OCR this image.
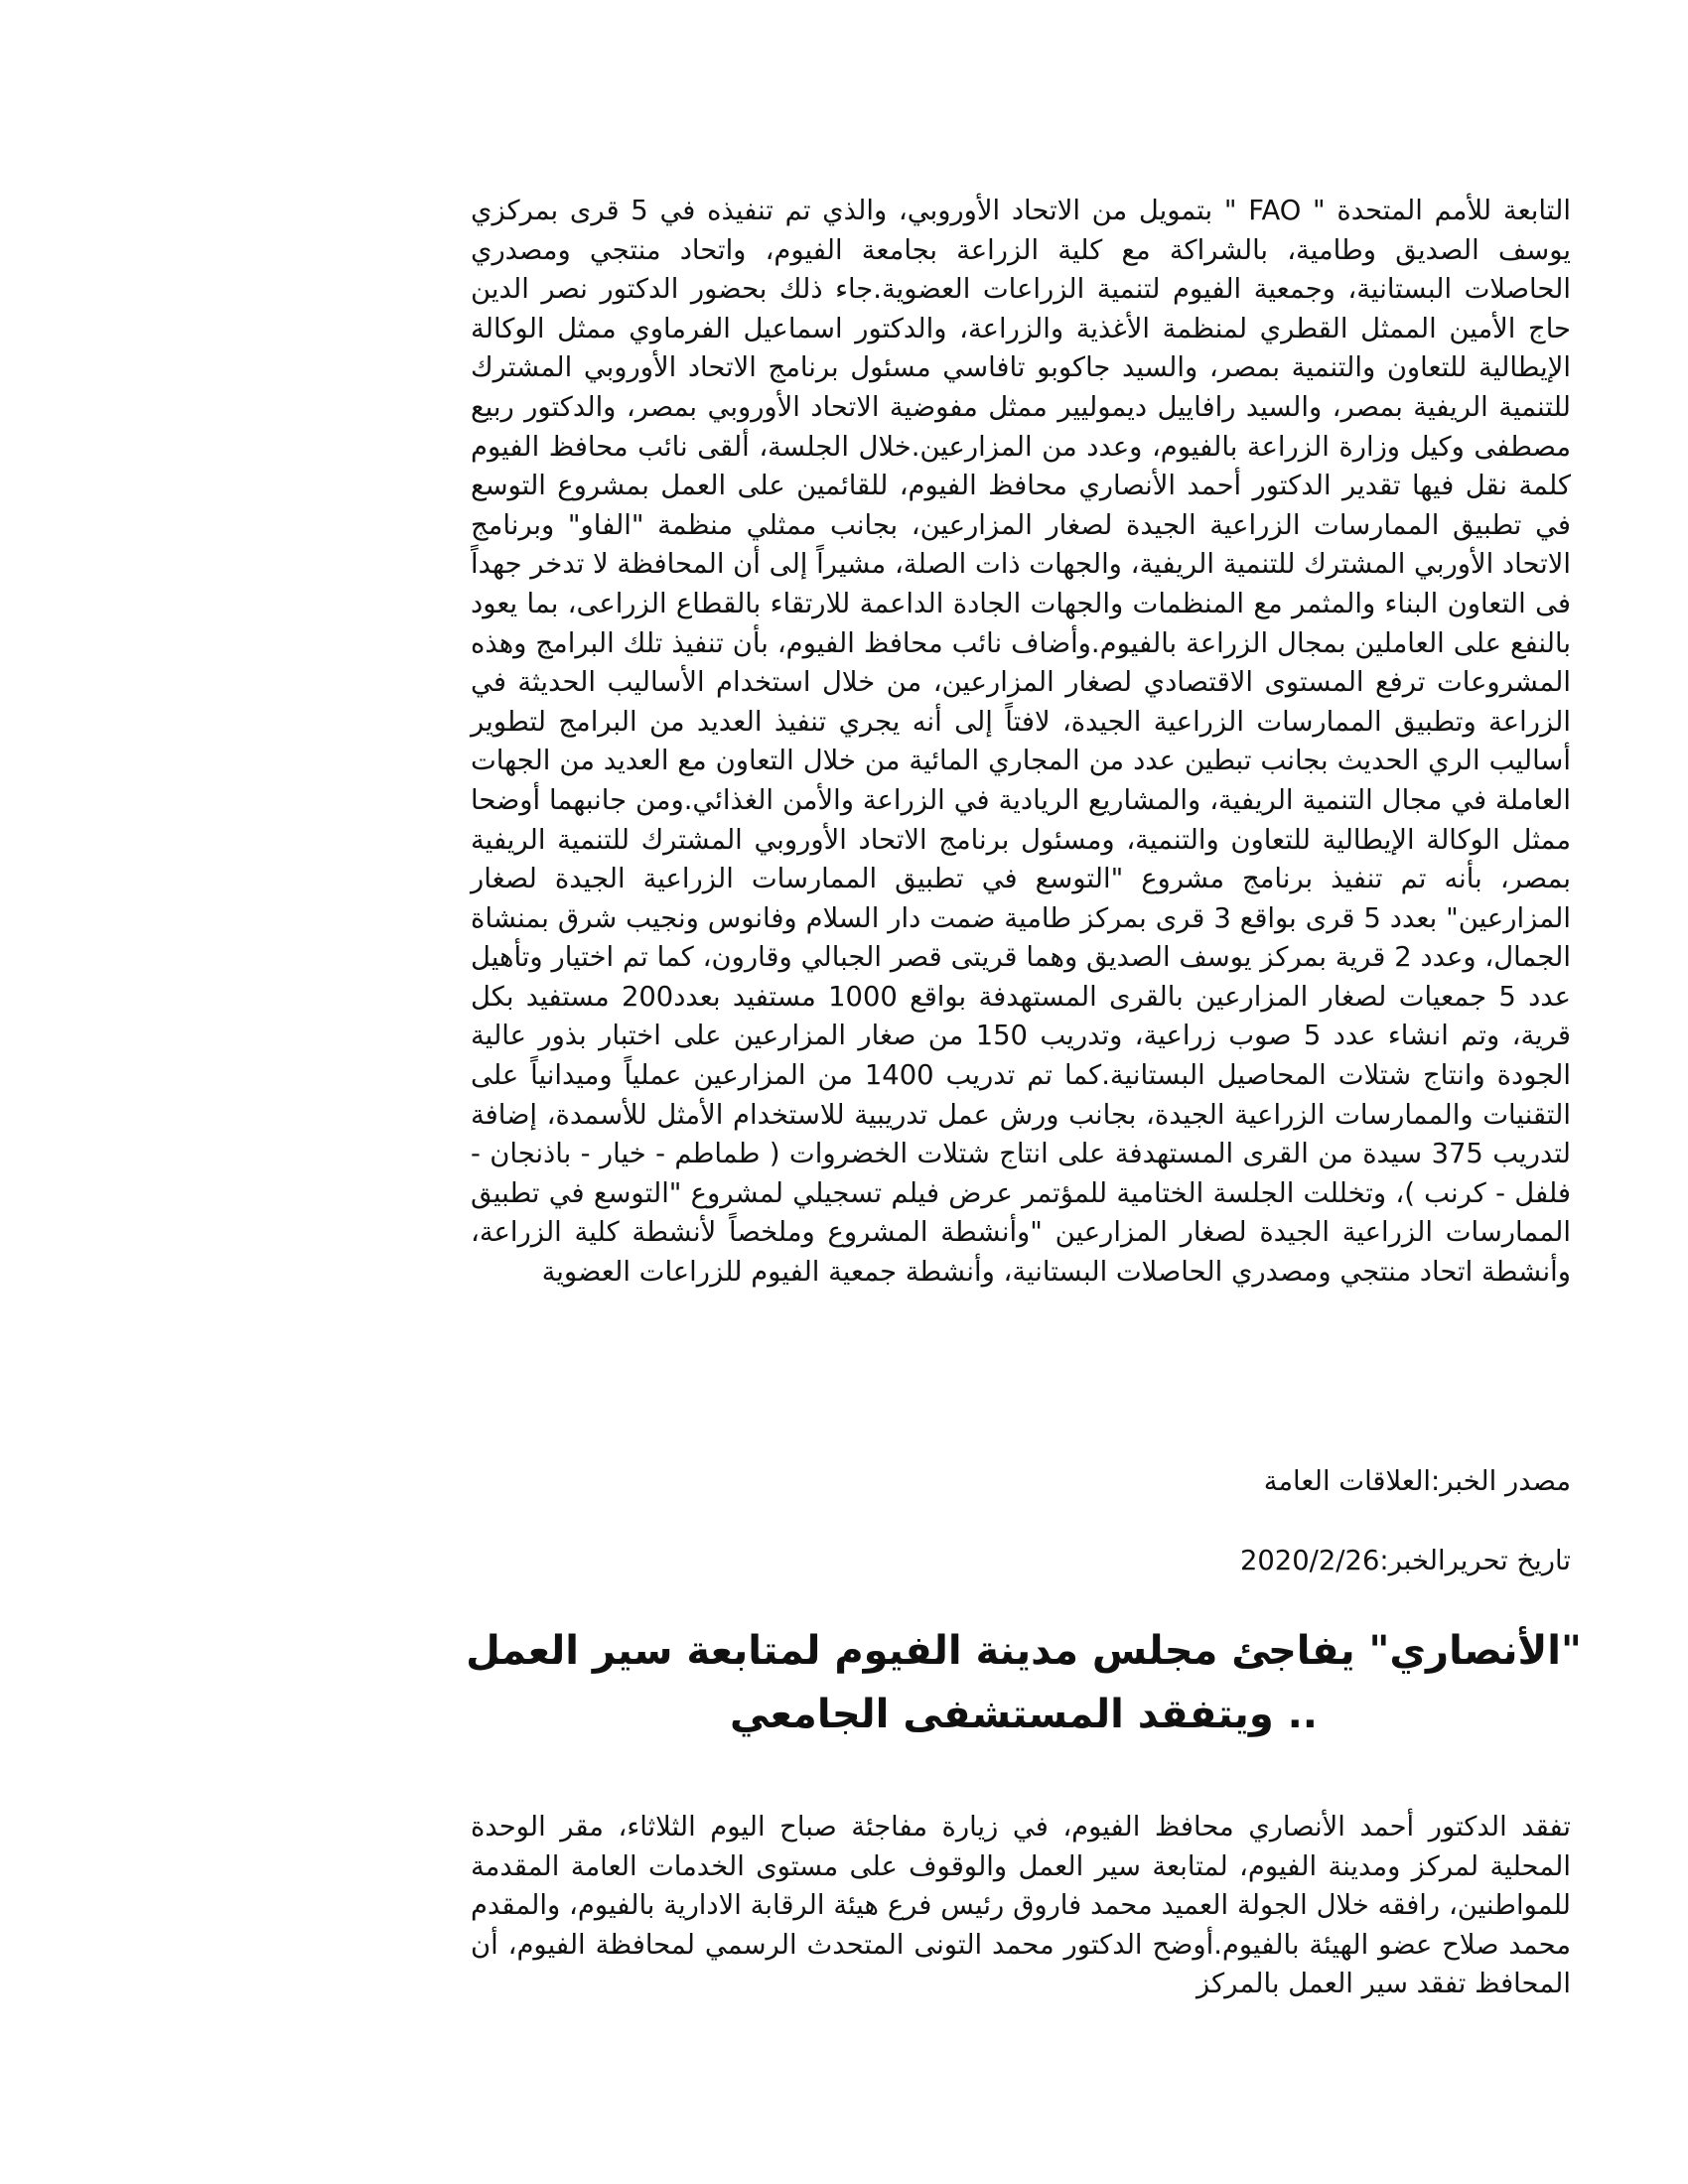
التابعة للأمم المتحدة " FAO " بتمويل من الاتحاد الأوروبي، والذي تم تنفيذه في 5 قرى بمركزي يوسف الصديق وطامية، بالشراكة مع كلية الزراعة بجامعة الفيوم، واتحاد منتجي ومصدري الحاصلات البستانية، وجمعية الفيوم لتنمية الزراعات العضوية.جاء ذلك بحضور الدكتور نصر الدين حاج الأمين الممثل القطري لمنظمة الأغذية والزراعة، والدكتور اسماعيل الفرماوي ممثل الوكالة الإيطالية للتعاون والتنمية بمصر، والسيد جاكوبو تافاسي مسئول برنامج الاتحاد الأوروبي المشترك للتنمية الريفية بمصر، والسيد رافاييل ديموليير ممثل مفوضية الاتحاد الأوروبي بمصر، والدكتور ربيع مصطفى وكيل وزارة الزراعة بالفيوم، وعدد من المزارعين.خلال الجلسة، ألقى نائب محافظ الفيوم كلمة نقل فيها تقدير الدكتور أحمد الأنصاري محافظ الفيوم، للقائمين على العمل بمشروع التوسع في تطبيق الممارسات الزراعية الجيدة لصغار المزارعين، بجانب ممثلي منظمة "الفاو" وبرنامج الاتحاد الأوربي المشترك للتنمية الريفية، والجهات ذات الصلة، مشيراً إلى أن المحافظة لا تدخر جهداً فى التعاون البناء والمثمر مع المنظمات والجهات الجادة الداعمة للارتقاء بالقطاع الزراعى، بما يعود بالنفع على العاملين بمجال الزراعة بالفيوم.وأضاف نائب محافظ الفيوم، بأن تنفيذ تلك البرامج وهذه المشروعات ترفع المستوى الاقتصادي لصغار المزارعين، من خلال استخدام الأساليب الحديثة في الزراعة وتطبيق الممارسات الزراعية الجيدة، لافتاً إلى أنه يجري تنفيذ العديد من البرامج لتطوير أساليب الري الحديث بجانب تبطين عدد من المجاري المائية من خلال التعاون مع العديد من الجهات العاملة في مجال التنمية الريفية، والمشاريع الريادية في الزراعة والأمن الغذائي.ومن جانبهما أوضحا ممثل الوكالة الإيطالية للتعاون والتنمية، ومسئول برنامج الاتحاد الأوروبي المشترك للتنمية الريفية بمصر، بأنه تم تنفيذ برنامج مشروع "التوسع في تطبيق الممارسات الزراعية الجيدة لصغار المزارعين" بعدد 5 قرى بواقع 3 قرى بمركز طامية ضمت دار السلام وفانوس ونجيب شرق بمنشاة الجمال، وعدد 2 قرية بمركز يوسف الصديق وهما قريتى قصر الجبالي وقارون، كما تم اختيار وتأهيل عدد 5 جمعيات لصغار المزارعين بالقرى المستهدفة بواقع 1000 مستفيد بعدد200 مستفيد بكل قرية، وتم انشاء عدد 5 صوب زراعية، وتدريب 150 من صغار المزارعين على اختبار بذور عالية الجودة وانتاج شتلات المحاصيل البستانية.كما تم تدريب 1400 من المزارعين عملياً وميدانياً على التقنيات والممارسات الزراعية الجيدة، بجانب ورش عمل تدريبية للاستخدام الأمثل للأسمدة، إضافة لتدريب 375 سيدة من القرى المستهدفة على انتاج شتلات الخضروات ( طماطم - خيار - باذنجان - فلفل - كرنب )، وتخللت الجلسة الختامية للمؤتمر عرض فيلم تسجيلي لمشروع "التوسع في تطبيق الممارسات الزراعية الجيدة لصغار المزارعين "وأنشطة المشروع وملخصاً لأنشطة كلية الزراعة، وأنشطة اتحاد منتجي ومصدري الحاصلات البستانية، وأنشطة جمعية الفيوم للزراعات العضوية

مصدر الخبر:العلاقات العامة

تاريخ تحريرالخبر:2020/2/26

"الأنصاري" يفاجئ مجلس مدينة الفيوم لمتابعة سير العمل .. ويتفقد المستشفى الجامعي

تفقد الدكتور أحمد الأنصاري محافظ الفيوم، في زيارة مفاجئة صباح اليوم الثلاثاء، مقر الوحدة المحلية لمركز ومدينة الفيوم، لمتابعة سير العمل والوقوف على مستوى الخدمات العامة المقدمة للمواطنين، رافقه خلال الجولة العميد محمد فاروق رئيس فرع هيئة الرقابة الادارية بالفيوم، والمقدم محمد صلاح عضو الهيئة بالفيوم.أوضح الدكتور محمد التونى المتحدث الرسمي لمحافظة الفيوم، أن المحافظ تفقد سير العمل بالمركز
